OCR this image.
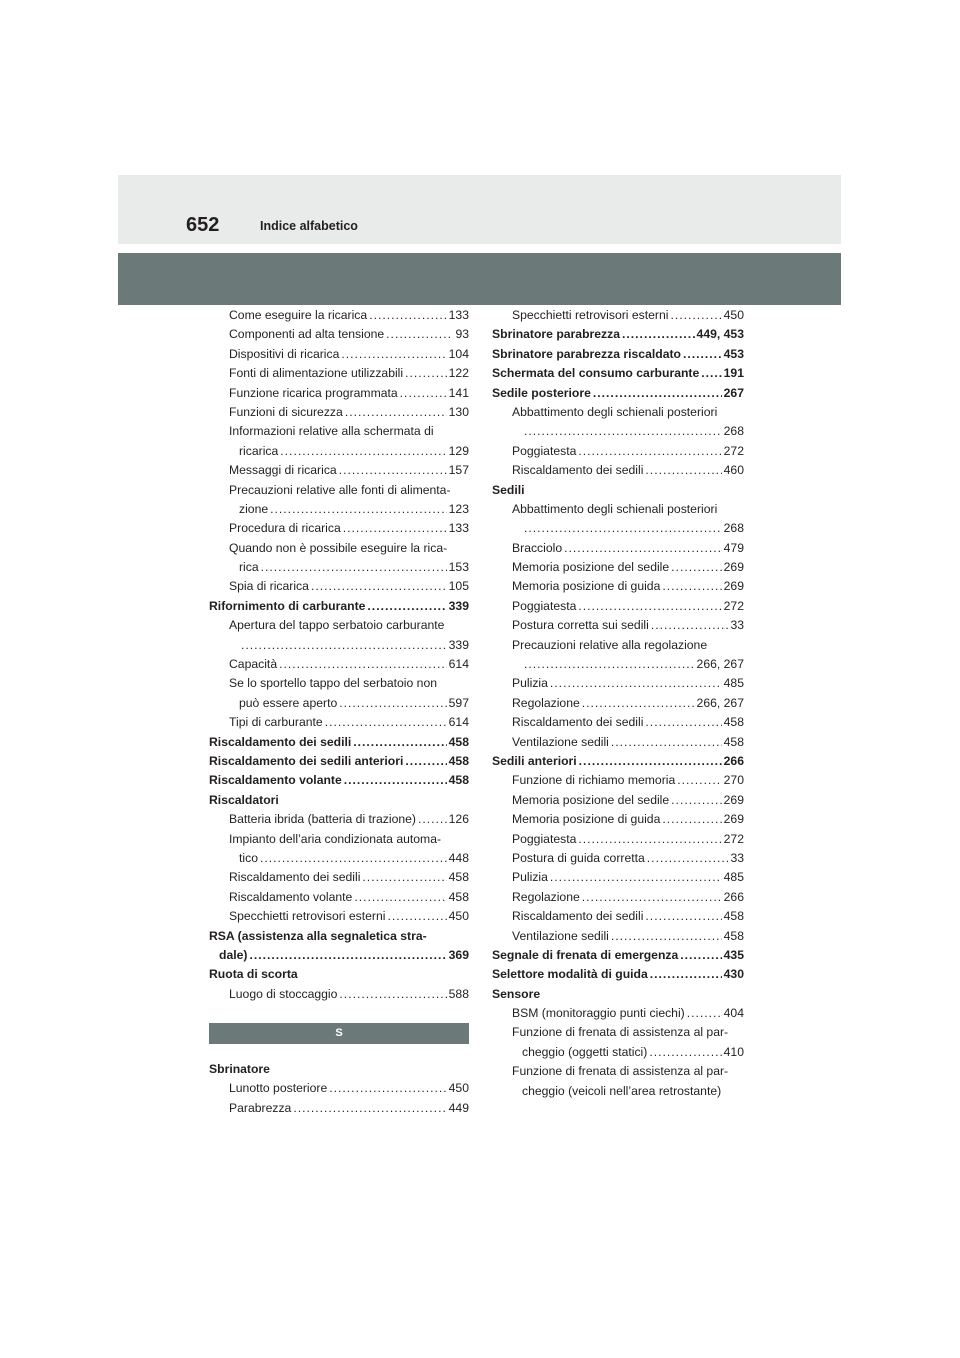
652	Indice alfabetico
Come eseguire la ricarica .....	133
Componenti ad alta tensione .....	93
Dispositivi di ricarica .....	104
Fonti di alimentazione utilizzabili .....	122
Funzione ricarica programmata .....	141
Funzioni di sicurezza .....	130
Informazioni relative alla schermata di
ricarica .....	129
Messaggi di ricarica .....	157
Precauzioni relative alle fonti di alimenta-
zione .....	123
Procedura di ricarica .....	133
Quando non è possibile eseguire la rica-
rica .....	153
Spia di ricarica .....	105
Rifornimento di carburante .....	339
Apertura del tappo serbatoio carburante
.....
339
Capacità .....	614
Se lo sportello tappo del serbatoio non
può essere aperto .....	597
Tipi di carburante .....	614
Riscaldamento dei sedili .....	458
Riscaldamento dei sedili anteriori .....	458
Riscaldamento volante .....	458
Riscaldatori
Batteria ibrida (batteria di trazione) .....	126
Impianto dell’aria condizionata automa-
tico .....	448
Riscaldamento dei sedili .....	458
Riscaldamento volante .....	458
Specchietti retrovisori esterni .....	450
RSA (assistenza alla segnaletica stra-
dale) .....	369
Ruota di scorta
Luogo di stoccaggio .....	588
S
Sbrinatore
Lunotto posteriore .....	450
Parabrezza .....	449
Specchietti retrovisori esterni .....	450
Sbrinatore parabrezza .....	449, 453
Sbrinatore parabrezza riscaldato .....	453
Schermata del consumo carburante ..... 191
Sedile posteriore .....	267
Abbattimento degli schienali posteriori
.....
268
Poggiatesta .....	272
Riscaldamento dei sedili .....	460
Sedili
Abbattimento degli schienali posteriori
.....
268
Bracciolo .....	479
Memoria posizione del sedile .....	269
Memoria posizione di guida .....	269
Poggiatesta .....	272
Postura corretta sui sedili .....	33
Precauzioni relative alla regolazione
.....
266, 267
Pulizia .....	485
Regolazione .....	266, 267
Riscaldamento dei sedili .....	458
Ventilazione sedili .....	458
Sedili anteriori .....	266
Funzione di richiamo memoria .....	270
Memoria posizione del sedile .....	269
Memoria posizione di guida .....	269
Poggiatesta .....	272
Postura di guida corretta .....	33
Pulizia .....	485
Regolazione .....	266
Riscaldamento dei sedili .....	458
Ventilazione sedili .....	458
Segnale di frenata di emergenza .....	435
Selettore modalità di guida .....	430
Sensore
BSM (monitoraggio punti ciechi) .....	404
Funzione di frenata di assistenza al par-
cheggio (oggetti statici) .....	410
Funzione di frenata di assistenza al par-
cheggio (veicoli nell’area retrostante)
